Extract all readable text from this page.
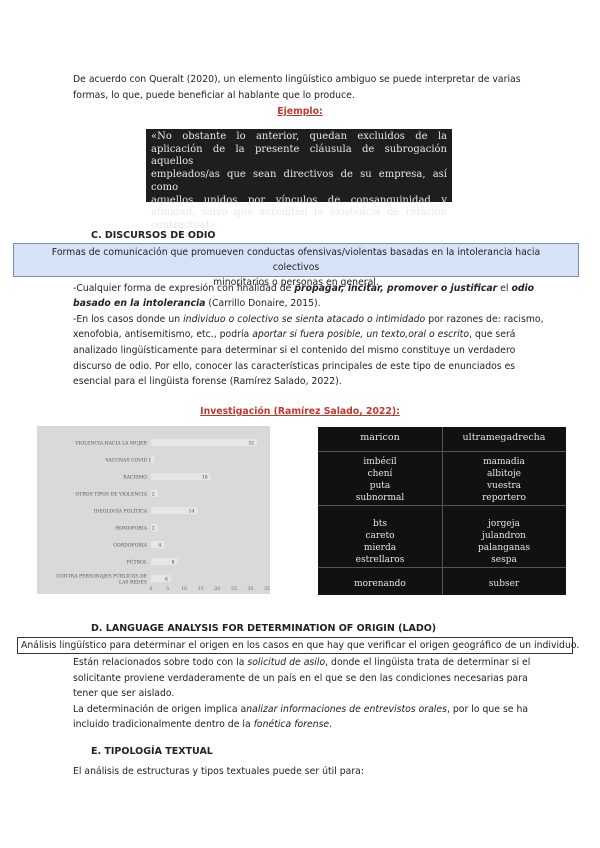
De acuerdo con Queralt (2020), un elemento lingüístico ambiguo se puede interpretar de varias
formas, lo que, puede beneficiar al hablante que lo produce.
Ejemplo:
«No obstante lo anterior, quedan excluidos de la
aplicación de la presente cláusula de subrogación aquellos
empleados/as que sean directivos de su empresa, así como
aquellos unidos por vínculos de consanguinidad y
afinidad, salvo que acrediten la existencia de relación
contractual».
C. DISCURSOS DE ODIO
Formas de comunicación que promueven conductas ofensivas/violentas basadas en la intolerancia hacia colectivos
minoritarios o personas en general.
-Cualquier forma de expresión con finalidad de propagar, incitar, promover o justificar el odio
basado en la intolerancia (Carrillo Donaire, 2015).
-En los casos donde un individuo o colectivo se sienta atacado o intimidado por razones de: racismo,
xenofobia, antisemitismo, etc., podría aportar si fuera posible, un texto,oral o escrito, que será
analizado lingüísticamente para determinar si el contenido del mismo constituye un verdadero
discurso de odio. Por ello, conocer las características principales de este tipo de enunciados es
esencial para el lingüista forense (Ramírez Salado, 2022).
Investigación (Ramírez Salado, 2022):
32
VIOLENCIA HACIA LA MUJER
1
VACUNAS COVID
18
RACISMO
2
OTROS TIPOS DE VIOLENCIA
14
IDEOLOGÍA POLÍTICA
2
HOMOFOBIA
4
GORDOFOBIA
8
FÚTBOL
6
CONTRA PERSONAJES PÚBLICOS DE
LAS REDES
0	5	10 15 20 25 30 35
maricon	ultramegadrecha
imbécil	mamadia
chení	albitoje
puta	vuestra
subnormal	reportero
bts	jorgeja
careto	julandron
mierda	palanganas
estrellaros	sespa
morenando	subser
D. LANGUAGE ANALYSIS FOR DETERMINATION OF ORIGIN (LADO)
Análisis lingüístico para determinar el origen en los casos en que hay que verificar el origen geográfico de un individuo.
Están relacionados sobre todo con la solicitud de asilo, donde el lingüista trata de determinar si el
solicitante proviene verdaderamente de un país en el que se den las condiciones necesarias para
tener que ser aislado.
La determinación de origen implica analizar informaciones de entrevistos orales, por lo que se ha
incluido tradicionalmente dentro de la fonética forense.
E. TIPOLOGÍA TEXTUAL
El análisis de estructuras y tipos textuales puede ser útil para:
